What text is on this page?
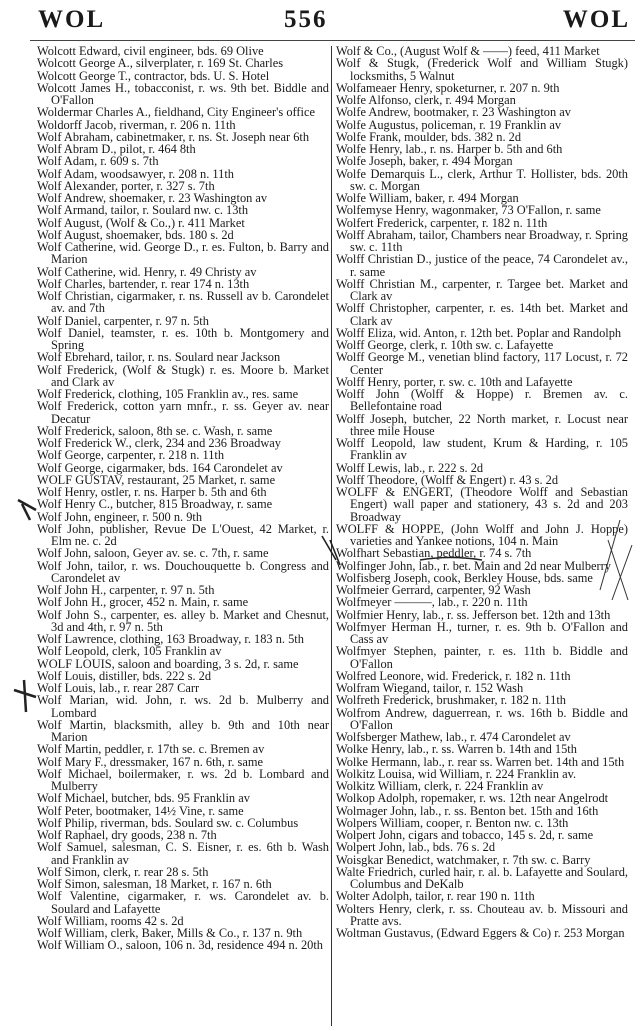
WOL	556	WOL

Wolcott Edward, civil engineer, bds. 69 Olive

Wolcott George A., silverplater, r. 169 St. Charles

Wolcott George T., contractor, bds. U. S. Hotel

Wolcott James H., tobacconist, r. ws. 9th bet. Biddle and O'Fallon

Woldermar Charles A., fieldhand, City Engineer's office

Woldorff Jacob, riverman, r. 206 n. 11th

Wolf Abraham, cabinetmaker, r. ns. St. Joseph near 6th

Wolf Abram D., pilot, r. 464 8th

Wolf Adam, r. 609 s. 7th

Wolf Adam, woodsawyer, r. 208 n. 11th

Wolf Alexander, porter, r. 327 s. 7th

Wolf Andrew, shoemaker, r. 23 Washington av

Wolf Armand, tailor, r. Soulard nw. c. 13th

Wolf August, (Wolf & Co.,) r. 411 Market

Wolf August, shoemaker, bds. 180 s. 2d

Wolf Catherine, wid. George D., r. es. Fulton, b. Barry and Marion

Wolf Catherine, wid. Henry, r. 49 Christy av

Wolf Charles, bartender, r. rear 174 n. 13th

Wolf Christian, cigarmaker, r. ns. Russell av b. Carondelet av. and 7th

Wolf Daniel, carpenter, r. 97 n. 5th

Wolf Daniel, teamster, r. es. 10th b. Montgomery and Spring

Wolf Ebrehard, tailor, r. ns. Soulard near Jackson

Wolf Frederick, (Wolf & Stugk) r. es. Moore b. Market and Clark av

Wolf Frederick, clothing, 105 Franklin av., res. same

Wolf Frederick, cotton yarn mnfr., r. ss. Geyer av. near Decatur

Wolf Frederick, saloon, 8th se. c. Wash, r. same

Wolf Frederick W., clerk, 234 and 236 Broadway

Wolf George, carpenter, r. 218 n. 11th

Wolf George, cigarmaker, bds. 164 Carondelet av

WOLF GUSTAV, restaurant, 25 Market, r. same

Wolf Henry, ostler, r. ns. Harper b. 5th and 6th

Wolf Henry C., butcher, 815 Broadway, r. same

Wolf John, engineer, r. 500 n. 9th

Wolf John, publisher, Revue De L'Ouest, 42 Market, r. Elm ne. c. 2d

Wolf John, saloon, Geyer av. se. c. 7th, r. same

Wolf John, tailor, r. ws. Douchouquette b. Congress and Carondelet av

Wolf John H., carpenter, r. 97 n. 5th

Wolf John H., grocer, 452 n. Main, r. same

Wolf John S., carpenter, es. alley b. Market and Chesnut, 3d and 4th, r. 97 n. 5th

Wolf Lawrence, clothing, 163 Broadway, r. 183 n. 5th

Wolf Leopold, clerk, 105 Franklin av

WOLF LOUIS, saloon and boarding, 3 s. 2d, r. same

Wolf Louis, distiller, bds. 222 s. 2d

Wolf Louis, lab., r. rear 287 Carr

Wolf Marian, wid. John, r. ws. 2d b. Mulberry and Lombard

Wolf Martin, blacksmith, alley b. 9th and 10th near Marion

Wolf Martin, peddler, r. 17th se. c. Bremen av

Wolf Mary F., dressmaker, 167 n. 6th, r. same

Wolf Michael, boilermaker, r. ws. 2d b. Lombard and Mulberry

Wolf Michael, butcher, bds. 95 Franklin av

Wolf Peter, bootmaker, 14½ Vine, r. same

Wolf Philip, riverman, bds. Soulard sw. c. Columbus

Wolf Raphael, dry goods, 238 n. 7th

Wolf Samuel, salesman, C. S. Eisner, r. es. 6th b. Wash and Franklin av

Wolf Simon, clerk, r. rear 28 s. 5th

Wolf Simon, salesman, 18 Market, r. 167 n. 6th

Wolf Valentine, cigarmaker, r. ws. Carondelet av. b. Soulard and Lafayette

Wolf William, rooms 42 s. 2d

Wolf William, clerk, Baker, Mills & Co., r. 137 n. 9th

Wolf William O., saloon, 106 n. 3d, residence 494 n. 20th

Wolf & Co., (August Wolf & ——) feed, 411 Market

Wolf & Stugk, (Frederick Wolf and William Stugk) locksmiths, 5 Walnut

Wolfameaer Henry, spoketurner, r. 207 n. 9th

Wolfe Alfonso, clerk, r. 494 Morgan

Wolfe Andrew, bootmaker, r. 23 Washington av

Wolfe Augustus, policeman, r. 19 Franklin av

Wolfe Frank, moulder, bds. 382 n. 2d

Wolfe Henry, lab., r. ns. Harper b. 5th and 6th

Wolfe Joseph, baker, r. 494 Morgan

Wolfe Demarquis L., clerk, Arthur T. Hollister, bds. 20th sw. c. Morgan

Wolfe William, baker, r. 494 Morgan

Wolfemyse Henry, wagonmaker, 73 O'Fallon, r. same

Wolfert Frederick, carpenter, r. 182 n. 11th

Wolff Abraham, tailor, Chambers near Broadway, r. Spring sw. c. 11th

Wolff Christian D., justice of the peace, 74 Carondelet av., r. same

Wolff Christian M., carpenter, r. Targee bet. Market and Clark av

Wolff Christopher, carpenter, r. es. 14th bet. Market and Clark av

Wolff Eliza, wid. Anton, r. 12th bet. Poplar and Randolph

Wolff George, clerk, r. 10th sw. c. Lafayette

Wolff George M., venetian blind factory, 117 Locust, r. 72 Center

Wolff Henry, porter, r. sw. c. 10th and Lafayette

Wolff John (Wolff & Hoppe) r. Bremen av. c. Bellefontaine road

Wolff Joseph, butcher, 22 North market, r. Locust near three mile House

Wolff Leopold, law student, Krum & Harding, r. 105 Franklin av

Wolff Lewis, lab., r. 222 s. 2d

Wolff Theodore, (Wolff & Engert) r. 43 s. 2d

WOLFF & ENGERT, (Theodore Wolff and Sebastian Engert) wall paper and stationery, 43 s. 2d and 203 Broadway

WOLFF & HOPPE, (John Wolff and John J. Hoppe) varieties and Yankee notions, 104 n. Main

Wolfhart Sebastian, peddler, r. 74 s. 7th

Wolfinger John, lab., r. bet. Main and 2d near Mulberry

Wolfisberg Joseph, cook, Berkley House, bds. same

Wolfmeier Gerrard, carpenter, 92 Wash

Wolfmeyer ———, lab., r. 220 n. 11th

Wolfmier Henry, lab., r. ss. Jefferson bet. 12th and 13th

Wolfmyer Herman H., turner, r. es. 9th b. O'Fallon and Cass av

Wolfmyer Stephen, painter, r. es. 11th b. Biddle and O'Fallon

Wolfred Leonore, wid. Frederick, r. 182 n. 11th

Wolfram Wiegand, tailor, r. 152 Wash

Wolfreth Frederick, brushmaker, r. 182 n. 11th

Wolfrom Andrew, daguerrean, r. ws. 16th b. Biddle and O'Fallon

Wolfsberger Mathew, lab., r. 474 Carondelet av

Wolke Henry, lab., r. ss. Warren b. 14th and 15th

Wolke Hermann, lab., r. rear ss. Warren bet. 14th and 15th

Wolkitz Louisa, wid William, r. 224 Franklin av.

Wolkitz William, clerk, r. 224 Franklin av

Wolkop Adolph, ropemaker, r. ws. 12th near Angelrodt

Wolmager John, lab., r. ss. Benton bet. 15th and 16th

Wolpers William, cooper, r. Benton nw. c. 13th

Wolpert John, cigars and tobacco, 145 s. 2d, r. same

Wolpert John, lab., bds. 76 s. 2d

Woisgkar Benedict, watchmaker, r. 7th sw. c. Barry

Walte Friedrich, curled hair, r. al. b. Lafayette and Soulard, Columbus and DeKalb

Wolter Adolph, tailor, r. rear 190 n. 11th

Wolters Henry, clerk, r. ss. Chouteau av. b. Missouri and Pratte avs.

Woltman Gustavus, (Edward Eggers & Co) r. 253 Morgan
